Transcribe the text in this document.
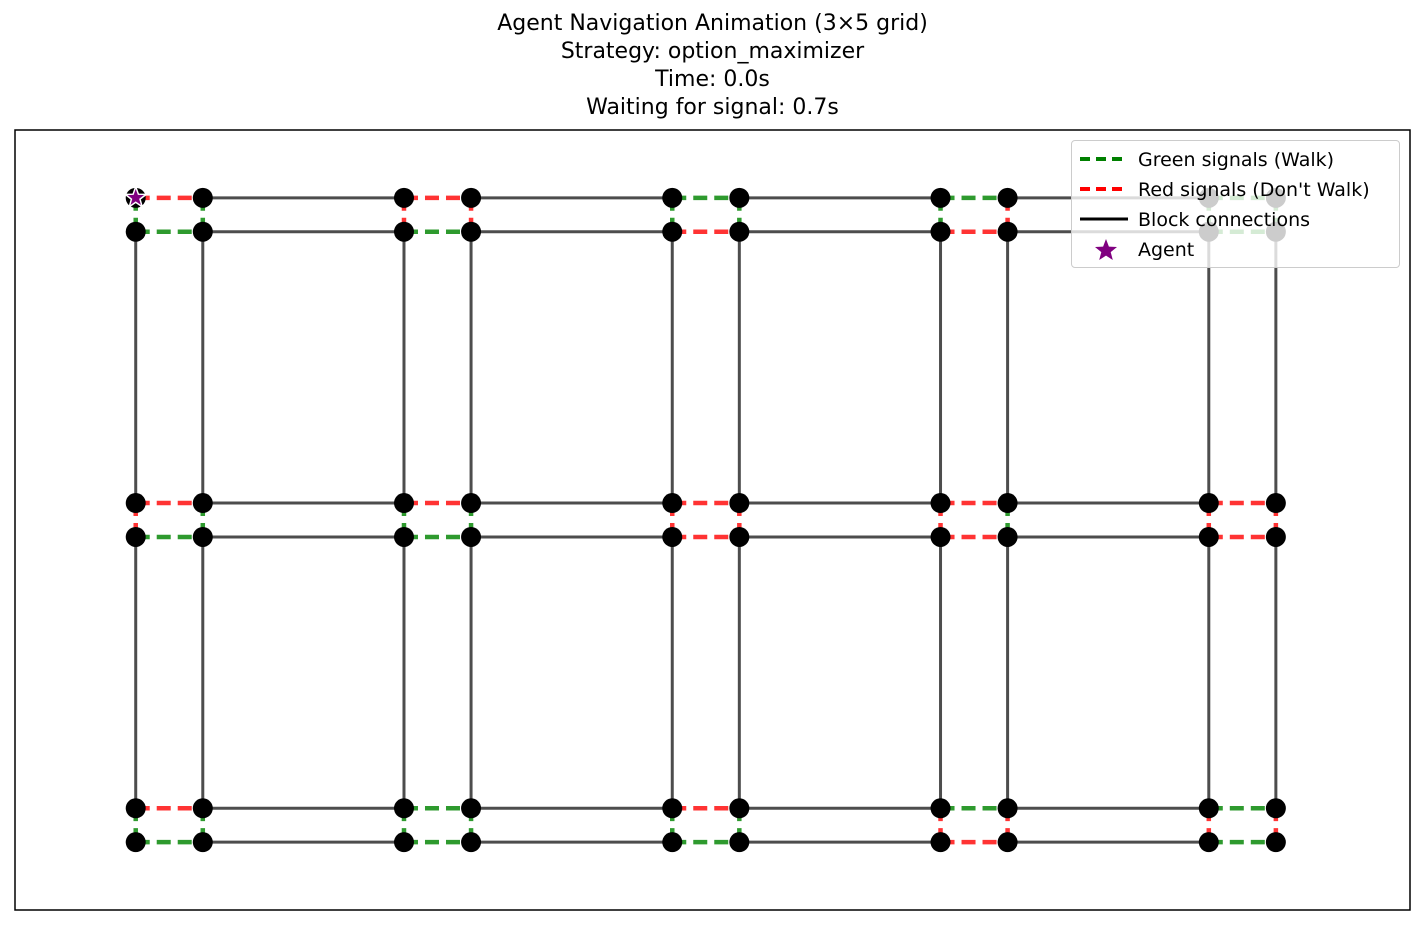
Agent Navigation Animation (3×5 grid)
Strategy: option_maximizer
Time: 0.0s
Waiting for signal: 0.7s
Green signals (Walk)
Red signals (Don't Walk)
Block connections
Agent
